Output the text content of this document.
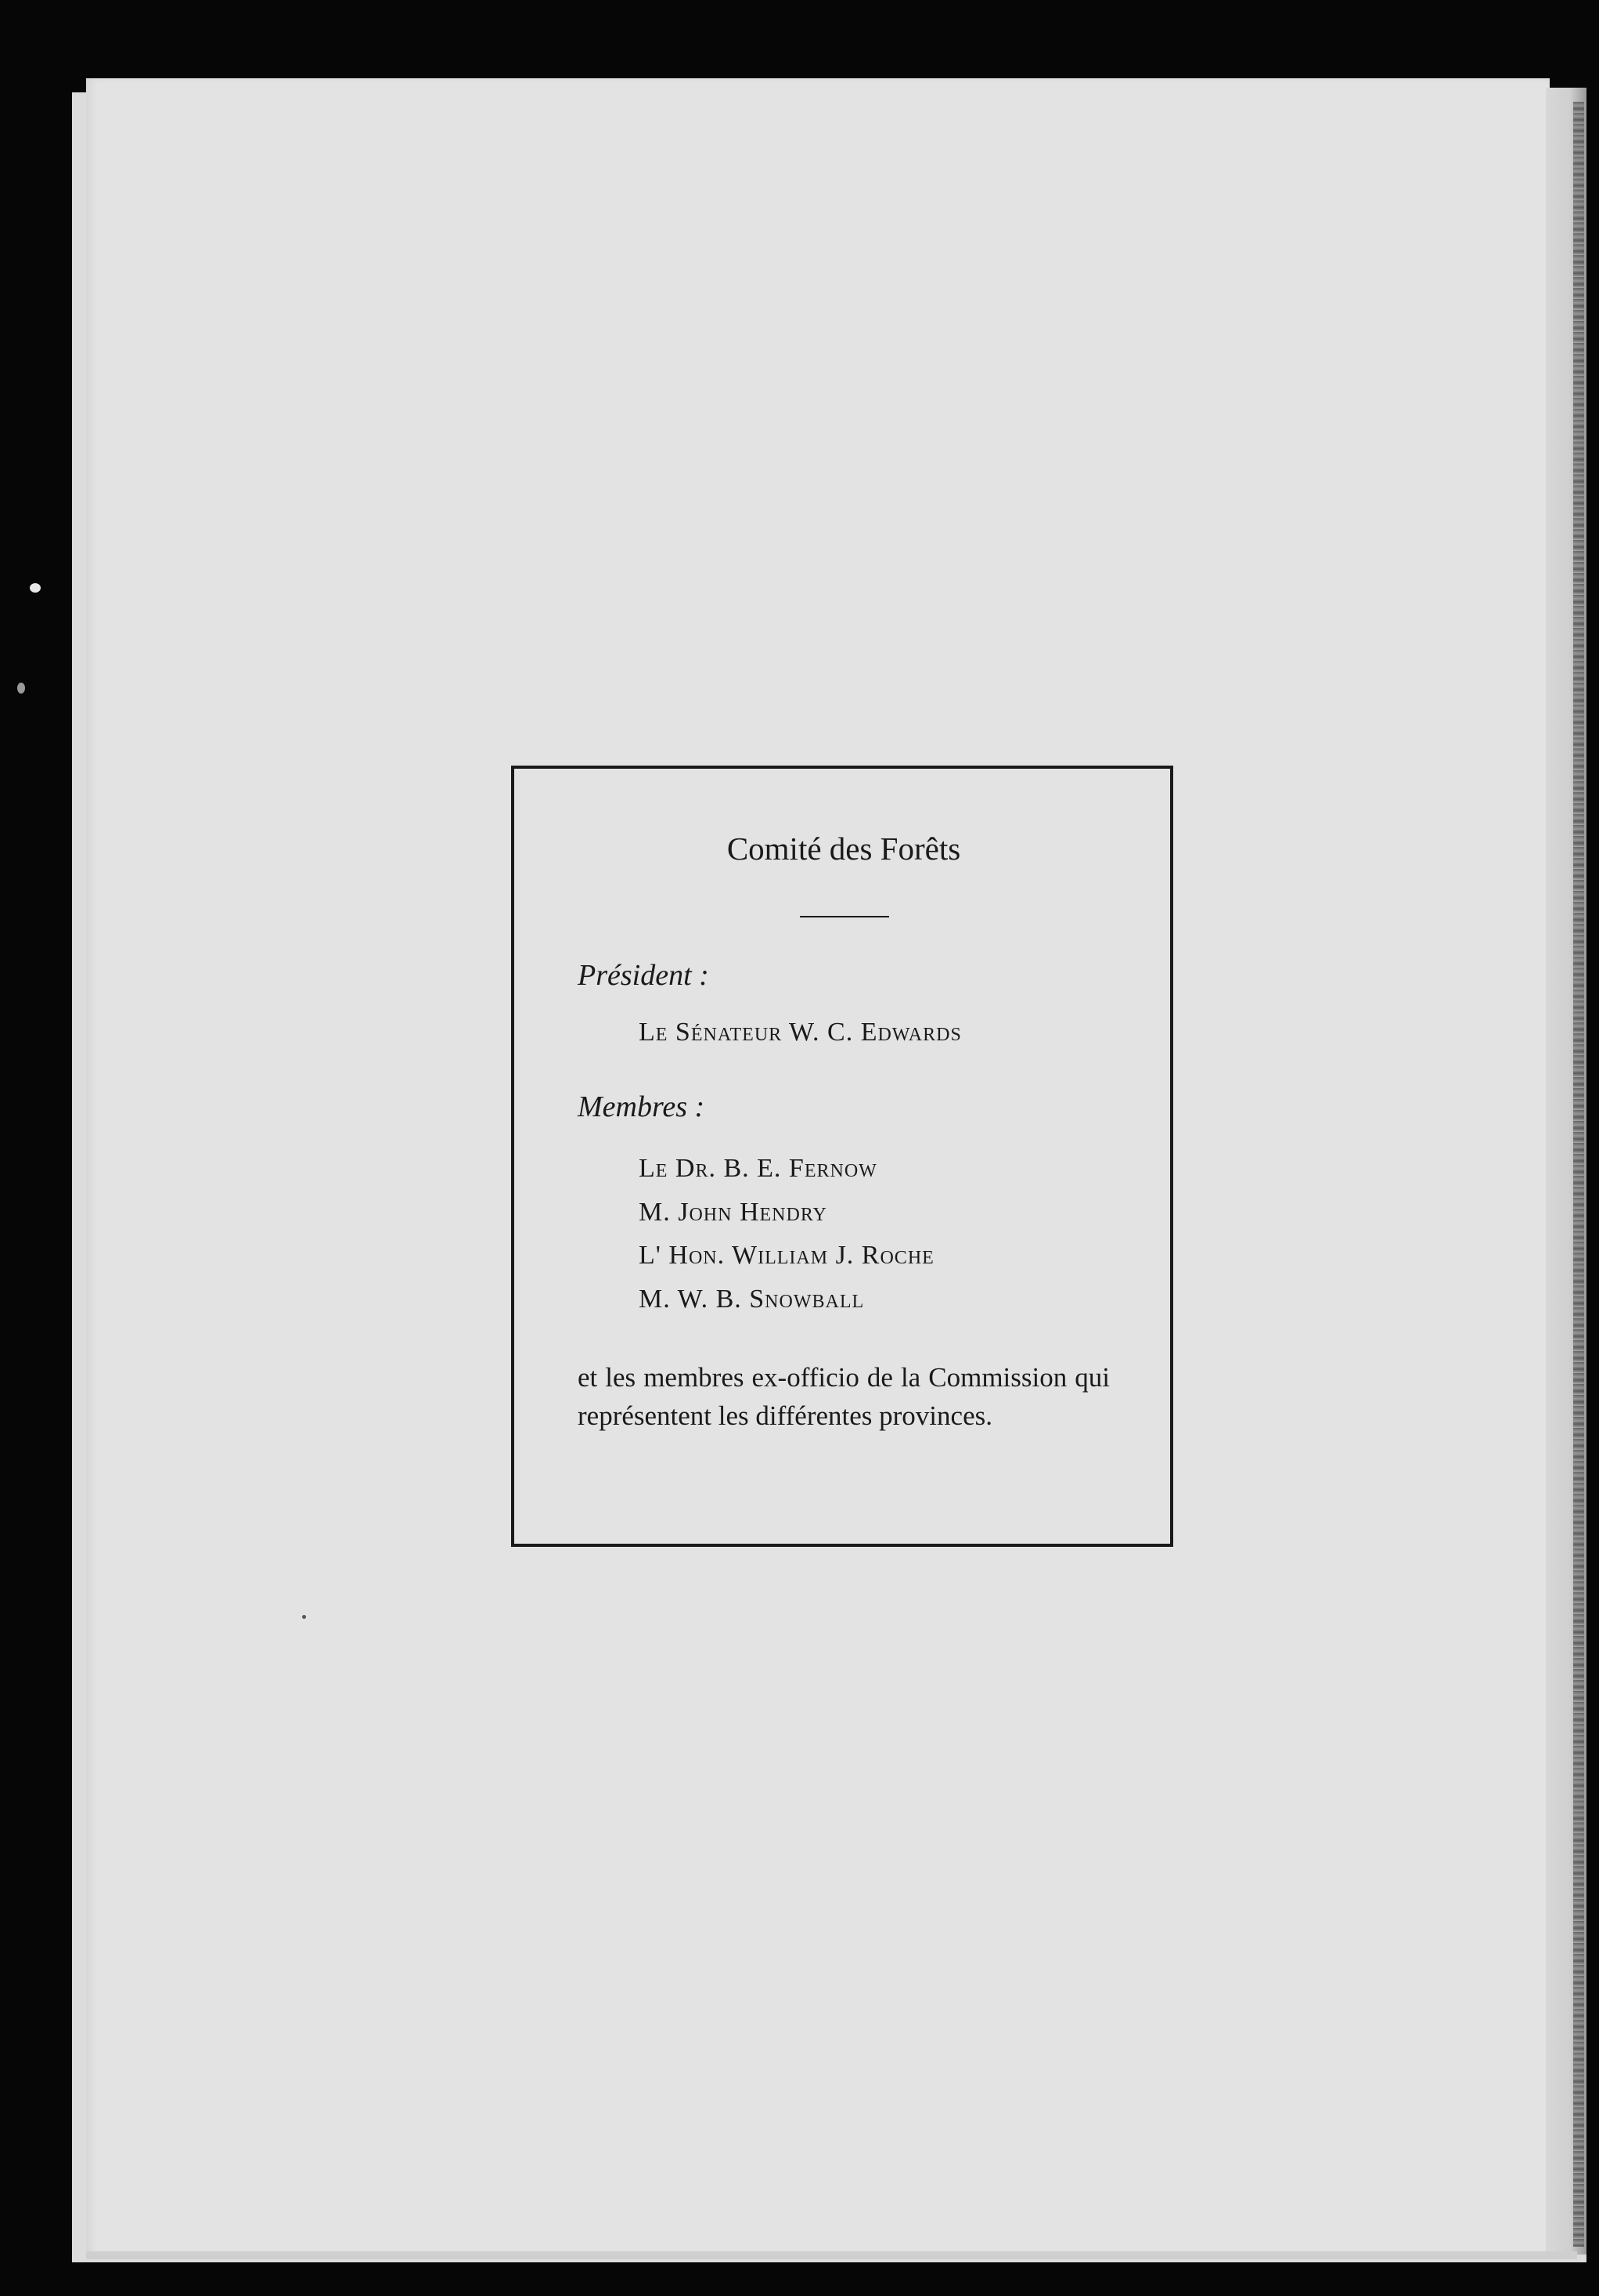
Comité des Forêts
Président :
Le Sénateur W. C. Edwards
Membres :
Le Dr. B. E. Fernow
M. John Hendry
L' Hon. William J. Roche
M. W. B. Snowball
et les membres ex-officio de la Commission qui représentent les différentes provinces.
